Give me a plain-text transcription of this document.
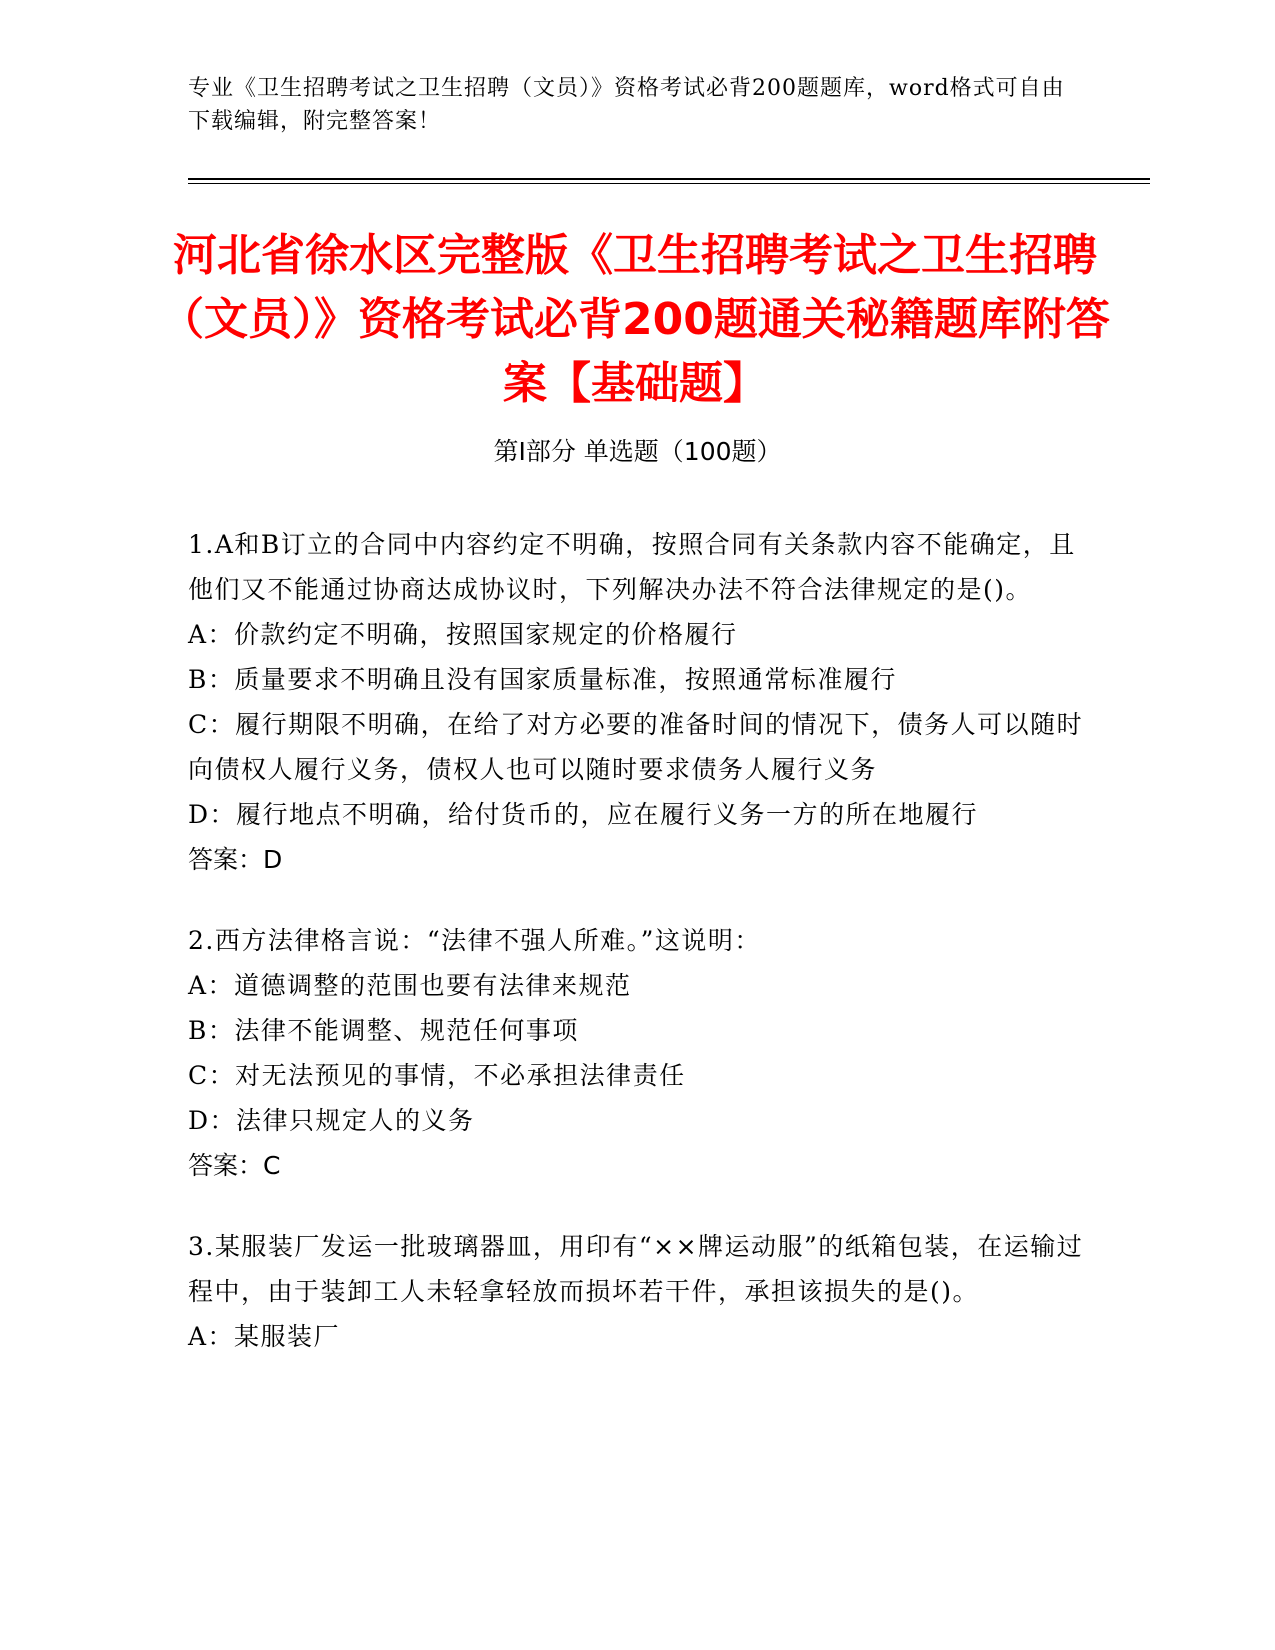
专业《卫生招聘考试之卫生招聘（文员）》资格考试必背200题题库，word格式可自由下载编辑，附完整答案！
河北省徐水区完整版《卫生招聘考试之卫生招聘（文员）》资格考试必背200题通关秘籍题库附答案【基础题】
第Ⅰ部分 单选题（100题）
1.A和B订立的合同中内容约定不明确，按照合同有关条款内容不能确定，且他们又不能通过协商达成协议时，下列解决办法不符合法律规定的是()。
A：价款约定不明确，按照国家规定的价格履行
B：质量要求不明确且没有国家质量标准，按照通常标准履行
C：履行期限不明确，在给了对方必要的准备时间的情况下，债务人可以随时向债权人履行义务，债权人也可以随时要求债务人履行义务
D：履行地点不明确，给付货币的，应在履行义务一方的所在地履行
答案：D
2.西方法律格言说：“法律不强人所难。”这说明：
A：道德调整的范围也要有法律来规范
B：法律不能调整、规范任何事项
C：对无法预见的事情，不必承担法律责任
D：法律只规定人的义务
答案：C
3.某服装厂发运一批玻璃器皿，用印有“××牌运动服”的纸箱包装，在运输过程中，由于装卸工人未轻拿轻放而损坏若干件，承担该损失的是()。
A：某服装厂
